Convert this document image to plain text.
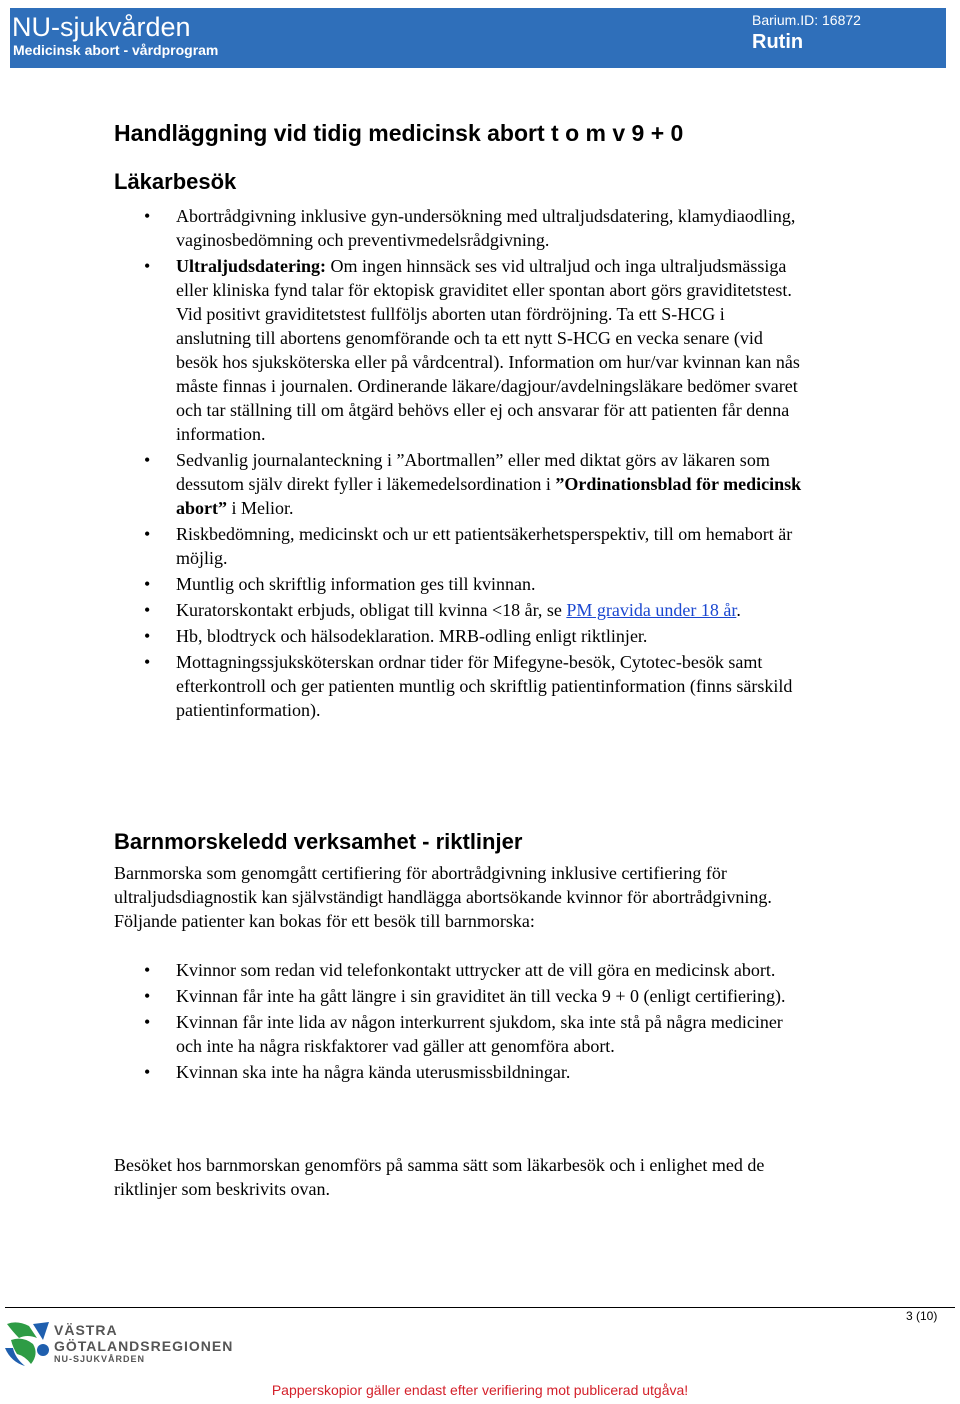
NU-sjukvården
Medicinsk abort - vårdprogram
Barium.ID: 16872
Rutin
Handläggning vid tidig medicinsk abort t o m v 9 + 0
Läkarbesök
• Abortrådgivning inklusive gyn-undersökning med ultraljudsdatering, klamydiaodling, vaginosbedömning och preventivmedelsrådgivning.
• Ultraljudsdatering: Om ingen hinnsäck ses vid ultraljud och inga ultraljudsmässiga eller kliniska fynd talar för ektopisk graviditet eller spontan abort görs graviditetstest. Vid positivt graviditetstest fullföljs aborten utan fördröjning. Ta ett S-HCG i anslutning till abortens genomförande och ta ett nytt S-HCG en vecka senare (vid besök hos sjuksköterska eller på vårdcentral). Information om hur/var kvinnan kan nås måste finnas i journalen. Ordinerande läkare/dagjour/avdelningsläkare bedömer svaret och tar ställning till om åtgärd behövs eller ej och ansvarar för att patienten får denna information.
• Sedvanlig journalanteckning i ”Abortmallen” eller med diktat görs av läkaren som dessutom själv direkt fyller i läkemedelsordination i ”Ordinationsblad för medicinsk abort” i Melior.
• Riskbedömning, medicinskt och ur ett patientsäkerhetsperspektiv, till om hemabort är möjlig.
• Muntlig och skriftlig information ges till kvinnan.
• Kuratorskontakt erbjuds, obligat till kvinna <18 år, se PM gravida under 18 år.
• Hb, blodtryck och hälsodeklaration. MRB-odling enligt riktlinjer.
• Mottagningssjuksköterskan ordnar tider för Mifegyne-besök, Cytotec-besök samt efterkontroll och ger patienten muntlig och skriftlig patientinformation (finns särskild patientinformation).
Barnmorskeledd verksamhet - riktlinjer

Barnmorska som genomgått certifiering för abortrådgivning inklusive certifiering för ultraljudsdiagnostik kan självständigt handlägga abortsökande kvinnor för abortrådgivning. Följande patienter kan bokas för ett besök till barnmorska:

• Kvinnor som redan vid telefonkontakt uttrycker att de vill göra en medicinsk abort.
• Kvinnan får inte ha gått längre i sin graviditet än till vecka 9 + 0 (enligt certifiering).
• Kvinnan får inte lida av någon interkurrent sjukdom, ska inte stå på några mediciner och inte ha några riskfaktorer vad gäller att genomföra abort.
• Kvinnan ska inte ha några kända uterusmissbildningar.

Besöket hos barnmorskan genomförs på samma sätt som läkarbesök och i enlighet med de riktlinjer som beskrivits ovan.

3 (10)
VÄSTRA
GÖTALANDSREGIONEN
NU-SJUKVÅRDEN
Papperskopior gäller endast efter verifiering mot publicerad utgåva!
